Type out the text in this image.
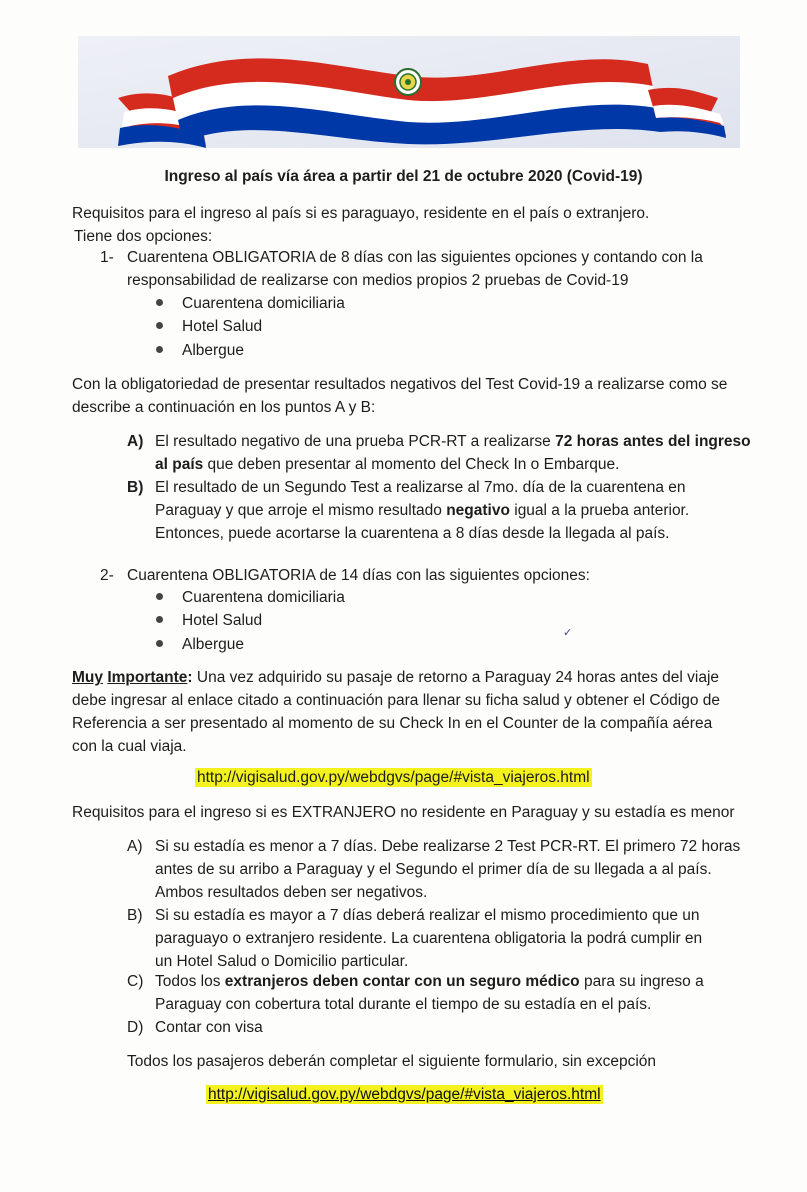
Ingreso al país vía área a partir del 21 de octubre 2020 (Covid-19)
Requisitos para el ingreso al país si es paraguayo, residente en el país o extranjero.
Tiene dos opciones:
1- Cuarentena OBLIGATORIA de 8 días con las siguientes opciones y contando con la
responsabilidad de realizarse con medios propios 2 pruebas de Covid-19
Cuarentena domiciliaria
Hotel Salud
Albergue
Con la obligatoriedad de presentar resultados negativos del Test Covid-19 a realizarse como se
describe a continuación en los puntos A y B:
A) El resultado negativo de una prueba PCR-RT a realizarse 72 horas antes del ingreso
al país que deben presentar al momento del Check In o Embarque.
B) El resultado de un Segundo Test a realizarse al 7mo. día de la cuarentena en
Paraguay y que arroje el mismo resultado negativo igual a la prueba anterior.
Entonces, puede acortarse la cuarentena a 8 días desde la llegada al país.
2- Cuarentena OBLIGATORIA de 14 días con las siguientes opciones:
Cuarentena domiciliaria
Hotel Salud
Albergue
✓
Muy Importante: Una vez adquirido su pasaje de retorno a Paraguay 24 horas antes del viaje
debe ingresar al enlace citado a continuación para llenar su ficha salud y obtener el Código de
Referencia a ser presentado al momento de su Check In en el Counter de la compañía aérea
con la cual viaja.
http://vigisalud.gov.py/webdgvs/page/#vista_viajeros.html
Requisitos para el ingreso si es EXTRANJERO no residente en Paraguay y su estadía es menor
A) Si su estadía es menor a 7 días. Debe realizarse 2 Test PCR-RT. El primero 72 horas
antes de su arribo a Paraguay y el Segundo el primer día de su llegada a al país.
Ambos resultados deben ser negativos.
B) Si su estadía es mayor a 7 días deberá realizar el mismo procedimiento que un
paraguayo o extranjero residente. La cuarentena obligatoria la podrá cumplir en
un Hotel Salud o Domicilio particular.
C) Todos los extranjeros deben contar con un seguro médico para su ingreso a
Paraguay con cobertura total durante el tiempo de su estadía en el país.
D) Contar con visa
Todos los pasajeros deberán completar el siguiente formulario, sin excepción
http://vigisalud.gov.py/webdgvs/page/#vista_viajeros.html
